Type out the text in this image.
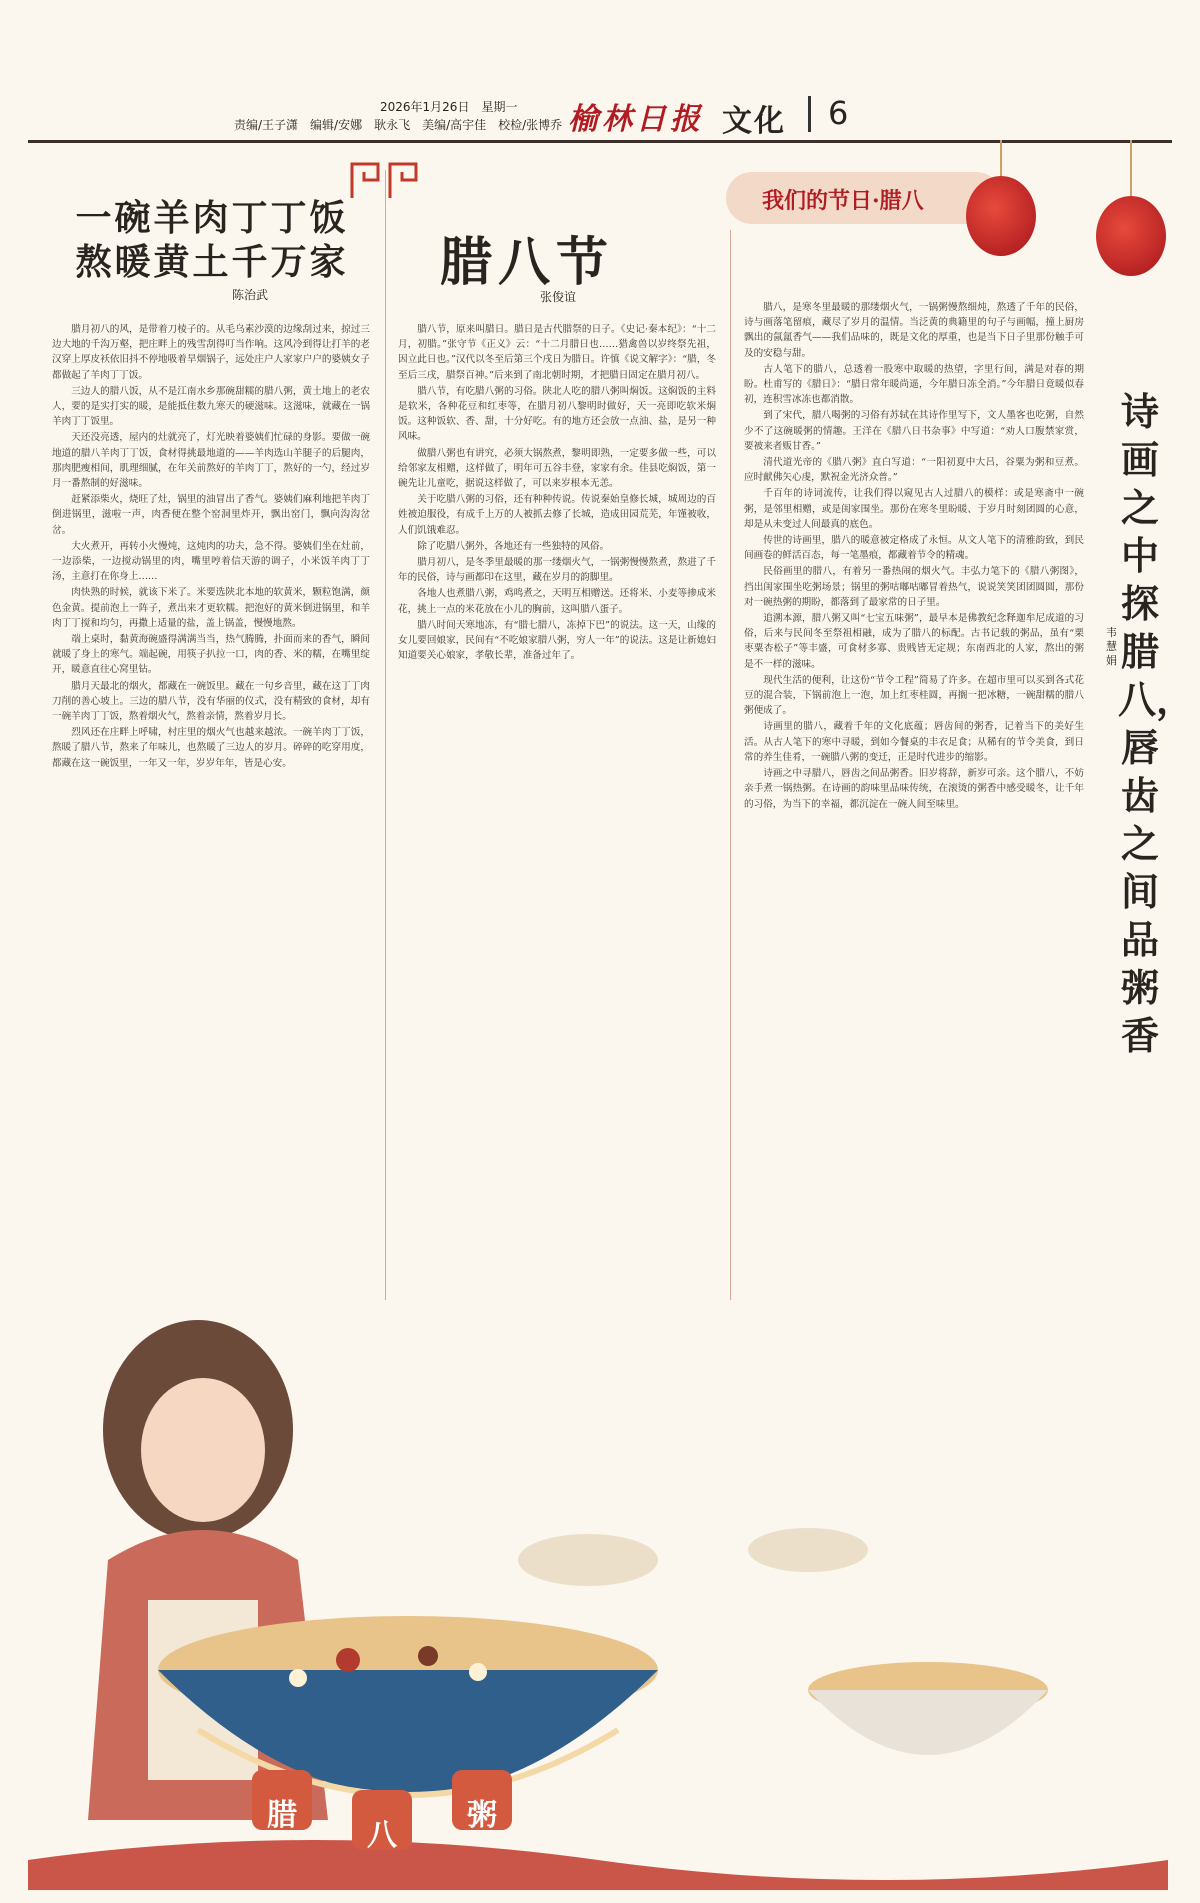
2026年1月26日　星期一
责编/王子潇　编辑/安娜　耿永飞　美编/高宇佳　校检/张博乔 榆林日报 文化 6
一碗羊肉丁丁饭
熬暖黄土千万家
陈治武

腊月初八的风，是带着刀棱子的。从毛乌素沙漠的边缘刮过来，掠过三边大地的千沟万壑，把庄畔上的残雪刮得叮当作响。这风冷到得让打羊的老汉穿上厚皮袄依旧抖不停地吸着旱烟锅子，远处庄户人家家户户的婆姨女子都做起了羊肉丁丁饭。

三边人的腊八饭，从不是江南水乡那碗甜糯的腊八粥，黄土地上的老农人，要的是实打实的暖，是能抵住数九寒天的硬滋味。这滋味，就藏在一锅羊肉丁丁饭里。

天还没亮透，屋内的灶就亮了，灯光映着婆姨们忙碌的身影。要做一碗地道的腊八羊肉丁丁饭，食材得挑最地道的——羊肉选山羊腿子的后腿肉，那肉肥瘦相间，肌理细腻，在年关前熬好的羊肉丁丁，熬好的一勺，经过岁月一番熬制的好滋味。

赶紧添柴火，烧旺了灶，锅里的油冒出了香气。婆姨们麻利地把羊肉丁倒进锅里，滋啦一声，肉香便在整个窑洞里炸开，飘出窑门，飘向沟沟岔岔。

大火煮开，再转小火慢炖，这炖肉的功夫，急不得。婆姨们坐在灶前，一边添柴，一边搅动锅里的肉，嘴里哼着信天游的调子，小米饭羊肉丁丁汤，主意打在你身上……

肉快熟的时候，就该下米了。米要选陕北本地的软黄米，颗粒饱满，颜色金黄。提前泡上一阵子，煮出来才更软糯。把泡好的黄米倒进锅里，和羊肉丁丁搅和均匀，再撒上适量的盐，盖上锅盖，慢慢地熬。

端上桌时，黏黄海碗盛得满满当当，热气腾腾，扑面而来的香气，瞬间就暖了身上的寒气。端起碗，用筷子扒拉一口，肉的香、米的糯，在嘴里绽开，暖意直往心窝里钻。

腊月天最北的烟火，都藏在一碗饭里。藏在一句乡音里，藏在这丁丁肉刀削的善心坡上。三边的腊八节，没有华丽的仪式，没有精致的食材，却有一碗羊肉丁丁饭，熬着烟火气，熬着亲情，熬着岁月长。

烈风还在庄畔上呼啸，村庄里的烟火气也越来越浓。一碗羊肉丁丁饭，熬暖了腊八节，熬来了年味儿，也熬暖了三边人的岁月。碎碎的吃穿用度，都藏在这一碗饭里，一年又一年，岁岁年年，皆是心安。

腊八节
张俊谊

腊八节，原来叫腊日。腊日是古代腊祭的日子。《史记·秦本纪》：“十二月，初腊。”张守节《正义》云：“十二月腊日也……猎禽兽以岁终祭先祖，因立此日也。”汉代以冬至后第三个戌日为腊日。许慎《说文解字》：“腊，冬至后三戌，腊祭百神。”后来到了南北朝时期，才把腊日固定在腊月初八。

腊八节，有吃腊八粥的习俗。陕北人吃的腊八粥叫焖饭。这焖饭的主料是软米，各种花豆和红枣等，在腊月初八黎明时做好，天一亮即吃软米焖饭。这种饭软、香、甜，十分好吃。有的地方还会放一点油、盐，是另一种风味。

做腊八粥也有讲究，必须大锅熬煮，黎明即熟，一定要多做一些，可以给邻家友相赠，这样做了，明年可五谷丰登，家家有余。佳县吃焖饭，第一碗先让儿童吃，据说这样做了，可以来岁根本无恙。

关于吃腊八粥的习俗，还有种种传说。传说秦始皇修长城，城周边的百姓被迫服役，有成千上万的人被抓去修了长城，造成田园荒芜，年馑被收，人们饥饿难忍。

除了吃腊八粥外，各地还有一些独特的风俗。

腊月初八，是冬季里最暖的那一缕烟火气，一锅粥慢慢熬煮，熬进了千年的民俗，诗与画都印在这里，藏在岁月的韵脚里。

各地人也煮腊八粥，鸡鸣煮之，天明互相赠送。还将米、小麦等掺成米花，挑上一点的米花放在小儿的胸前，这叫腊八蛋子。

腊八时间天寒地冻，有“腊七腊八，冻掉下巴”的说法。这一天，山缘的女儿要回娘家，民间有“不吃娘家腊八粥，穷人一年”的说法。这是让新媳妇知道要关心娘家，孝敬长辈，准备过年了。

我们的节日·腊八
诗画之中探腊八，唇齿之间品粥香
韦慧娟

腊八，是寒冬里最暖的那缕烟火气，一锅粥慢熬细炖，熬透了千年的民俗，诗与画落笔留痕，藏尽了岁月的温情。当泛黄的典籍里的句子与画幅，撞上厨房飘出的氤氲香气——我们品味的，既是文化的厚重，也是当下日子里那份触手可及的安稳与甜。

古人笔下的腊八，总透着一股寒中取暖的热望，字里行间，满是对春的期盼。杜甫写的《腊日》：“腊日常年暖尚遥，今年腊日冻全消。”今年腊日竟暖似春初，连积雪冰冻也都消散。

到了宋代，腊八喝粥的习俗有苏轼在其诗作里写下，文人墨客也吃粥，自然少不了这碗暖粥的情趣。王洋在《腊八日书杂事》中写道：“劝人口腹禁家赏，要被来者贩甘香。”

清代道光帝的《腊八粥》直白写道：“一阳初夏中大吕，谷粟为粥和豆煮。应时献佛矢心虔，默祝金光济众普。”

千百年的诗词流传，让我们得以窥见古人过腊八的模样：或是寒斋中一碗粥，是邻里相赠，或是闺家围坐。那份在寒冬里盼暖、于岁月时刻团圆的心意，却是从未变过人间最真的底色。

传世的诗画里，腊八的暖意被定格成了永恒。从文人笔下的清雅韵致，到民间画卷的鲜活百态，每一笔墨痕，都藏着节令的精魂。

民俗画里的腊八，有着另一番热闹的烟火气。丰弘力笔下的《腊八粥图》，挡出闺家围坐吃粥场景；锅里的粥咕嘟咕嘟冒着热气，说说笑笑团团圆圆，那份对一碗热粥的期盼，都落到了最家常的日子里。

追溯本源，腊八粥又叫“七宝五味粥”，最早本是佛教纪念释迦牟尼成道的习俗，后来与民间冬至祭祖相融，成为了腊八的标配。古书记载的粥品，虽有“栗枣粟杏松子”等丰盛，可食材多寡、贵贱皆无定规；东南西北的人家，熬出的粥是不一样的滋味。

现代生活的便利，让这份“节令工程”简易了许多。在超市里可以买到各式花豆的混合装，下锅前泡上一泡，加上红枣桂圆，再搁一把冰糖，一碗甜糯的腊八粥便成了。

诗画里的腊八，藏着千年的文化底蕴；唇齿间的粥香，记着当下的美好生活。从古人笔下的寒中寻暖，到如今餐桌的丰衣足食；从稀有的节令美食，到日常的养生佳肴，一碗腊八粥的变迁，正是时代进步的缩影。

诗画之中寻腊八，唇齿之间品粥香。旧岁将辞，新岁可亲。这个腊八，不妨亲手煮一锅热粥。在诗画的韵味里品味传统，在滚烫的粥香中感受暖冬，让千年的习俗，为当下的幸福，都沉淀在一碗人间至味里。

腊
八
粥
